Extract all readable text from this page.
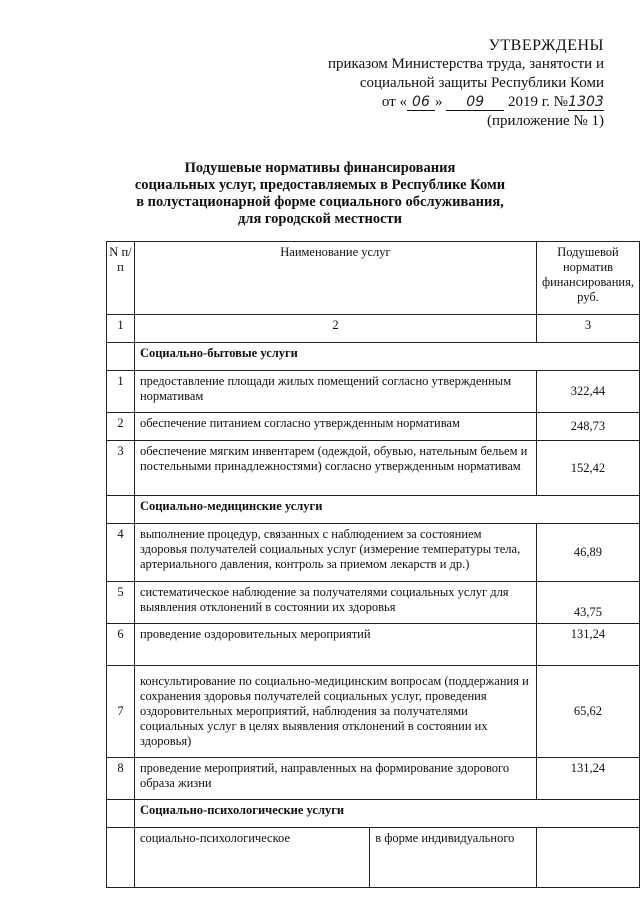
УТВЕРЖДЕНЫ
приказом Министерства труда, занятости и
социальной защиты Республики Коми
от « 06 » 09 2019 г. №1303
(приложение № 1)
Подушевые нормативы финансирования
социальных услуг, предоставляемых в Республике Коми
в полустационарной форме социального обслуживания,
для городской местности
N п/п	Наименование услуг		Подушевой норматив финансирования, руб.
1	2		3
	Социально-бытовые услуги		
1	предоставление площади жилых помещений согласно утвержденным нормативам		322,44
2	обеспечение питанием согласно утвержденным нормативам		248,73
3	обеспечение мягким инвентарем (одеждой, обувью, нательным бельем и постельными принадлежностями) согласно утвержденным нормативам		152,42
	Социально-медицинские услуги		
4	выполнение процедур, связанных с наблюдением за состоянием здоровья получателей социальных услуг (измерение температуры тела, артериального давления, контроль за приемом лекарств и др.)		46,89
5	систематическое наблюдение за получателями социальных услуг для выявления отклонений в состоянии их здоровья		43,75
6	проведение оздоровительных мероприятий		131,24
7	консультирование по социально-медицинским вопросам (поддержания и сохранения здоровья получателей социальных услуг, проведения оздоровительных мероприятий, наблюдения за получателями социальных услуг в целях выявления отклонений в состоянии их здоровья)		65,62
8	проведение мероприятий, направленных на формирование здорового образа жизни		131,24
	Социально-психологические услуги		
	социально-психологическое	в форме индивидуального	
